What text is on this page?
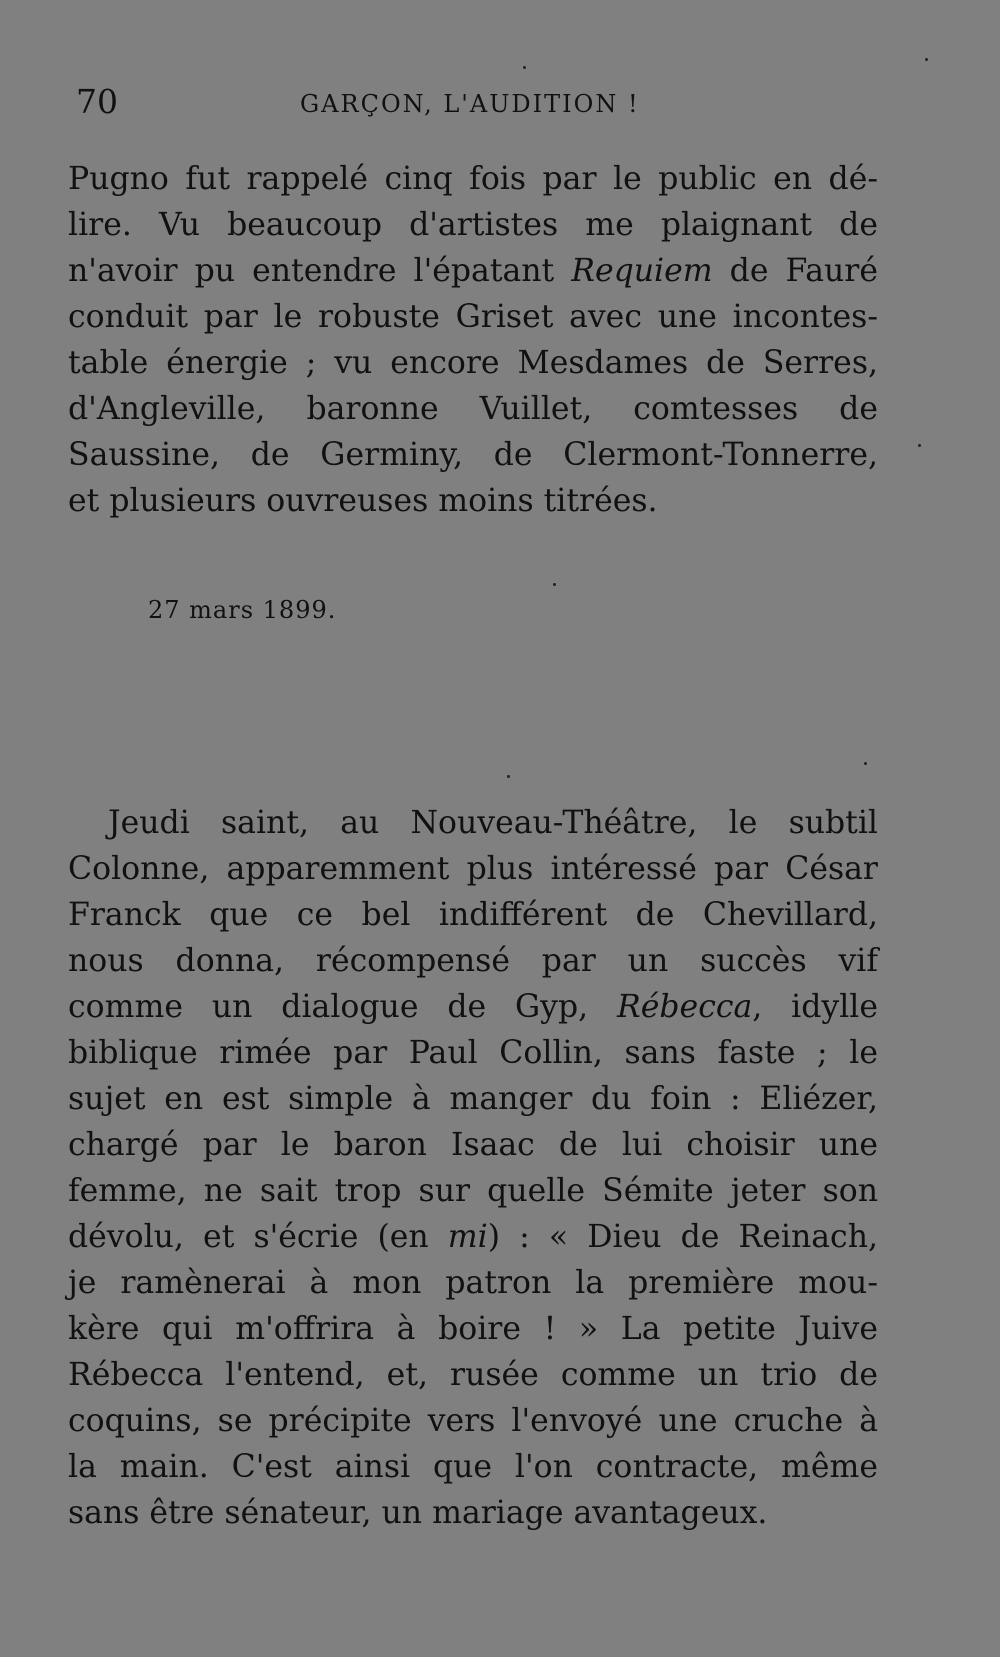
70	GARÇON, L'AUDITION !
Pugno fut rappelé cinq fois par le public en dé-
lire. Vu beaucoup d'artistes me plaignant de
n'avoir pu entendre l'épatant Requiem de Fauré
conduit par le robuste Griset avec une incontes-
table énergie ; vu encore Mesdames de Serres,
d'Angleville, baronne Vuillet, comtesses de
Saussine, de Germiny, de Clermont-Tonnerre,
et plusieurs ouvreuses moins titrées.
27 mars 1899.
Jeudi saint, au Nouveau-Théâtre, le subtil
Colonne, apparemment plus intéressé par César
Franck que ce bel indifférent de Chevillard,
nous donna, récompensé par un succès vif
comme un dialogue de Gyp, Rébecca, idylle
biblique rimée par Paul Collin, sans faste ; le
sujet en est simple à manger du foin : Eliézer,
chargé par le baron Isaac de lui choisir une
femme, ne sait trop sur quelle Sémite jeter son
dévolu, et s'écrie (en mi) : « Dieu de Reinach,
je ramènerai à mon patron la première mou-
kère qui m'offrira à boire ! » La petite Juive
Rébecca l'entend, et, rusée comme un trio de
coquins, se précipite vers l'envoyé une cruche à
la main. C'est ainsi que l'on contracte, même
sans être sénateur, un mariage avantageux.
